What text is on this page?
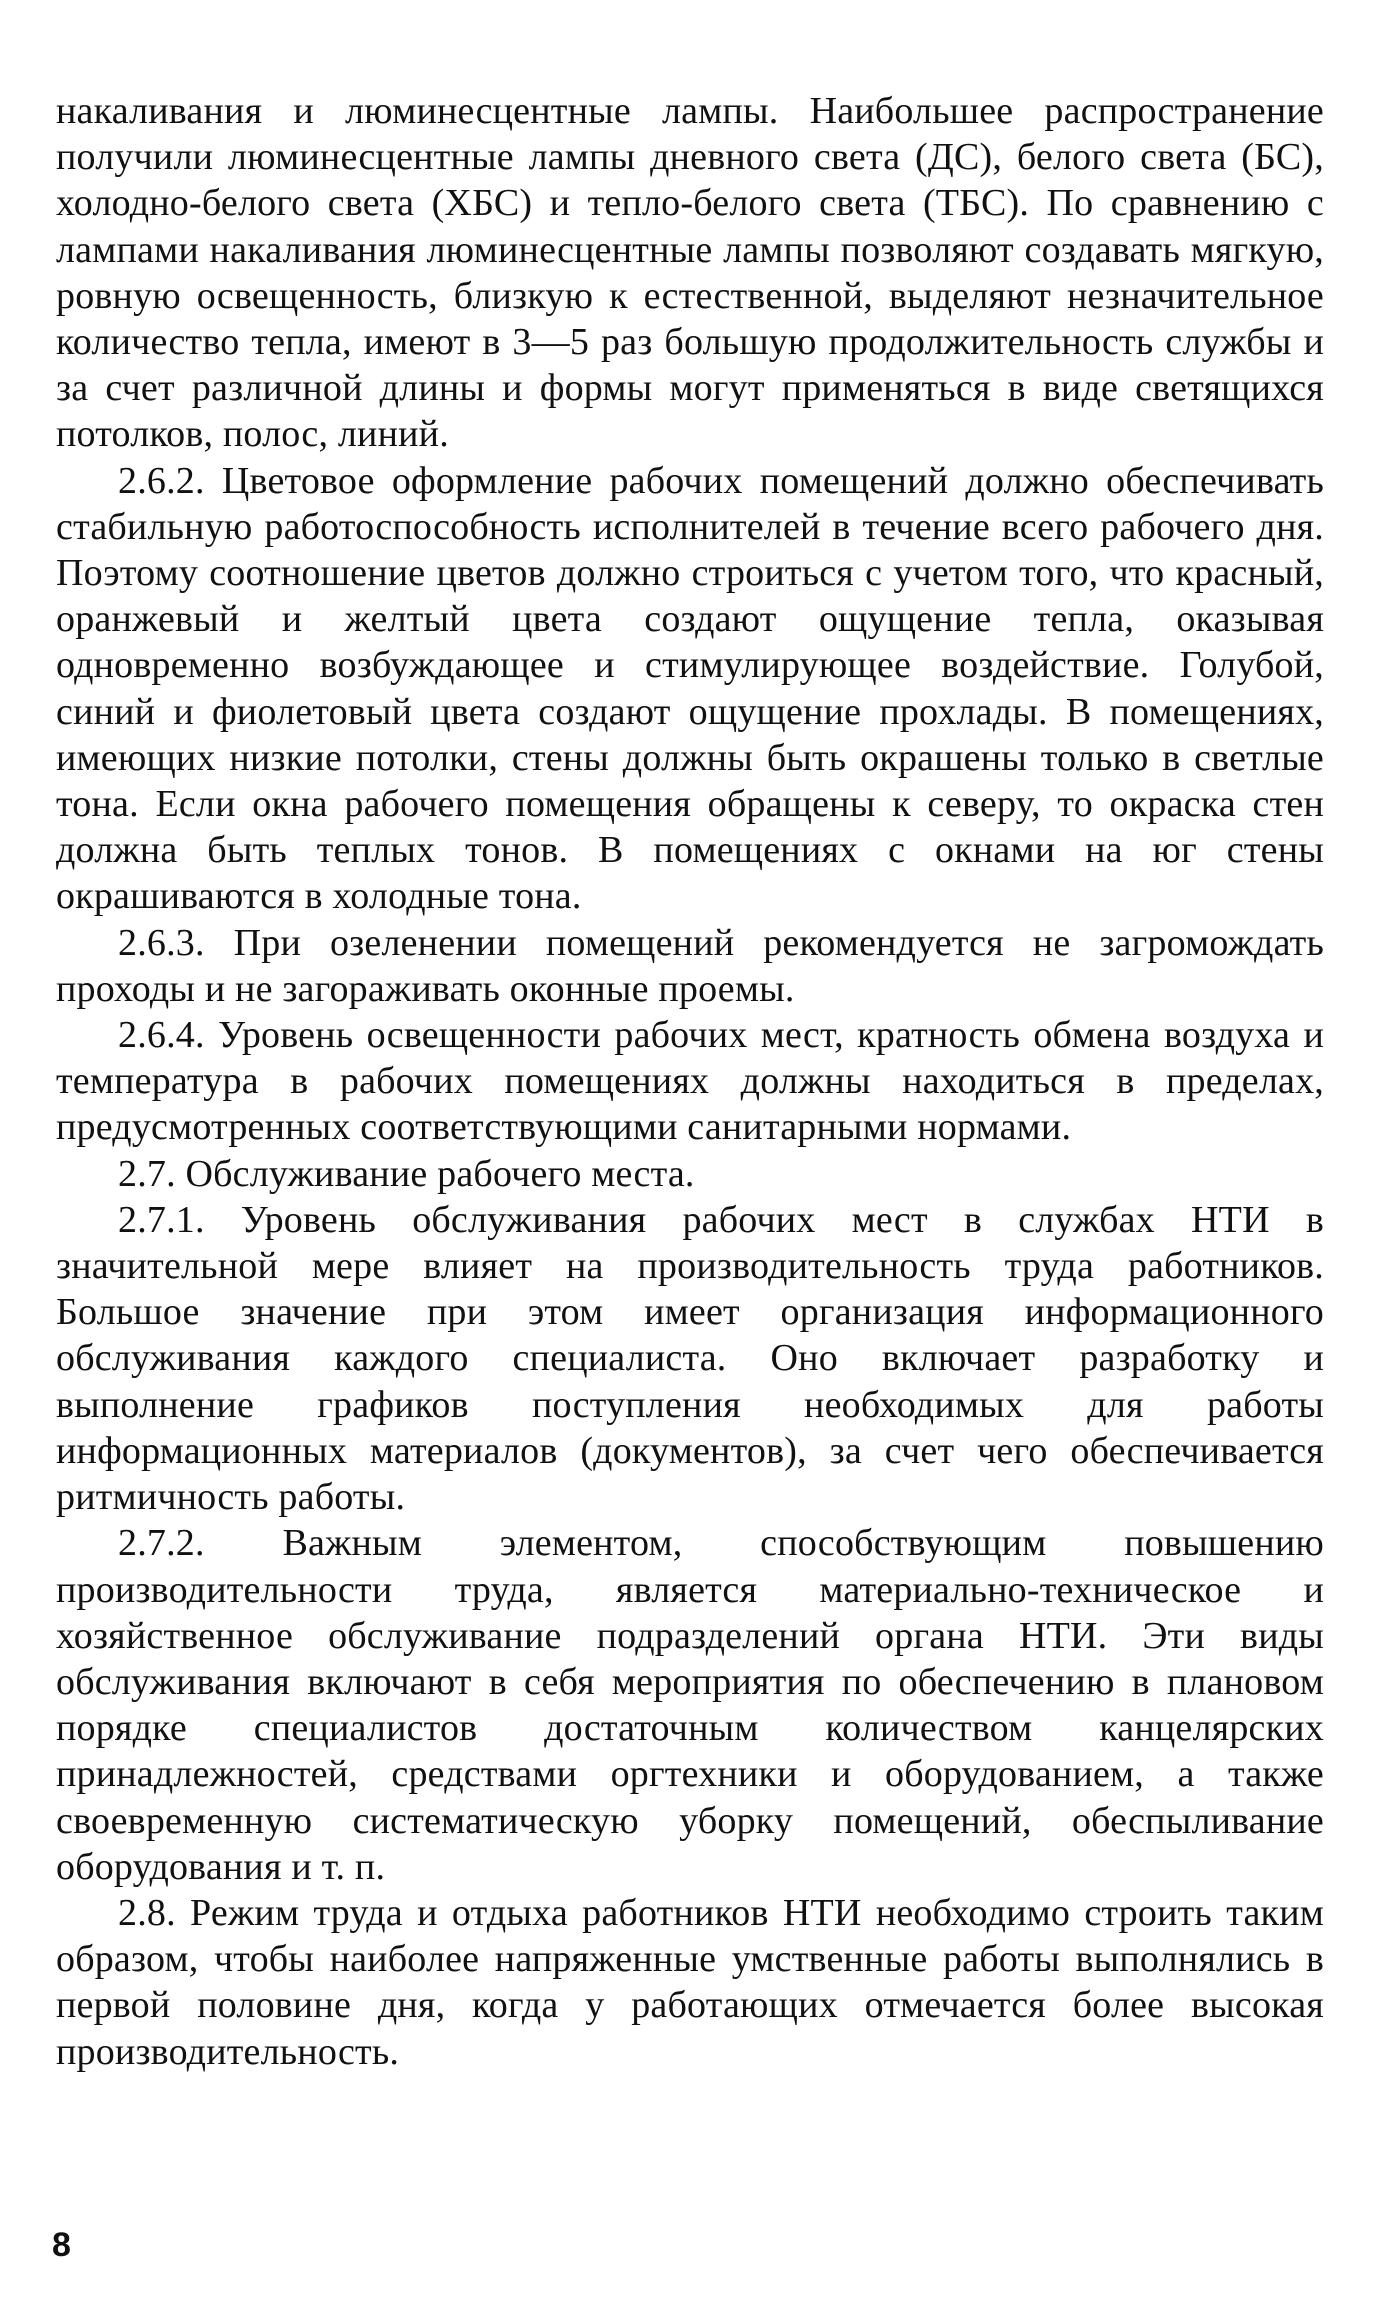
накаливания и люминесцентные лампы. Наибольшее распространение получили люминесцентные лампы дневного света (ДС), белого света (БС), холодно-белого света (ХБС) и тепло-белого света (ТБС). По сравнению с лампами накаливания люминесцентные лампы позволяют создавать мягкую, ровную освещенность, близкую к естественной, выделяют незначительное количество тепла, имеют в 3—5 раз большую продолжительность службы и за счет различной длины и формы могут применяться в виде светящихся потолков, полос, линий.

2.6.2. Цветовое оформление рабочих помещений должно обеспечивать стабильную работоспособность исполнителей в течение всего рабочего дня. Поэтому соотношение цветов должно строиться с учетом того, что красный, оранжевый и желтый цвета создают ощущение тепла, оказывая одновременно возбуждающее и стимулирующее воздействие. Голубой, синий и фиолетовый цвета создают ощущение прохлады. В помещениях, имеющих низкие потолки, стены должны быть окрашены только в светлые тона. Если окна рабочего помещения обращены к северу, то окраска стен должна быть теплых тонов. В помещениях с окнами на юг стены окрашиваются в холодные тона.

2.6.3. При озеленении помещений рекомендуется не загромождать проходы и не загораживать оконные проемы.

2.6.4. Уровень освещенности рабочих мест, кратность обмена воздуха и температура в рабочих помещениях должны находиться в пределах, предусмотренных соответствующими санитарными нормами.

2.7. Обслуживание рабочего места.

2.7.1. Уровень обслуживания рабочих мест в службах НТИ в значительной мере влияет на производительность труда работников. Большое значение при этом имеет организация информационного обслуживания каждого специалиста. Оно включает разработку и выполнение графиков поступления необходимых для работы информационных материалов (документов), за счет чего обеспечивается ритмичность работы.

2.7.2. Важным элементом, способствующим повышению производительности труда, является материально-техническое и хозяйственное обслуживание подразделений органа НТИ. Эти виды обслуживания включают в себя мероприятия по обеспечению в плановом порядке специалистов достаточным количеством канцелярских принадлежностей, средствами оргтехники и оборудованием, а также своевременную систематическую уборку помещений, обеспыливание оборудования и т. п.

2.8. Режим труда и отдыха работников НТИ необходимо строить таким образом, чтобы наиболее напряженные умственные работы выполнялись в первой половине дня, когда у работающих отмечается более высокая производительность.

8
